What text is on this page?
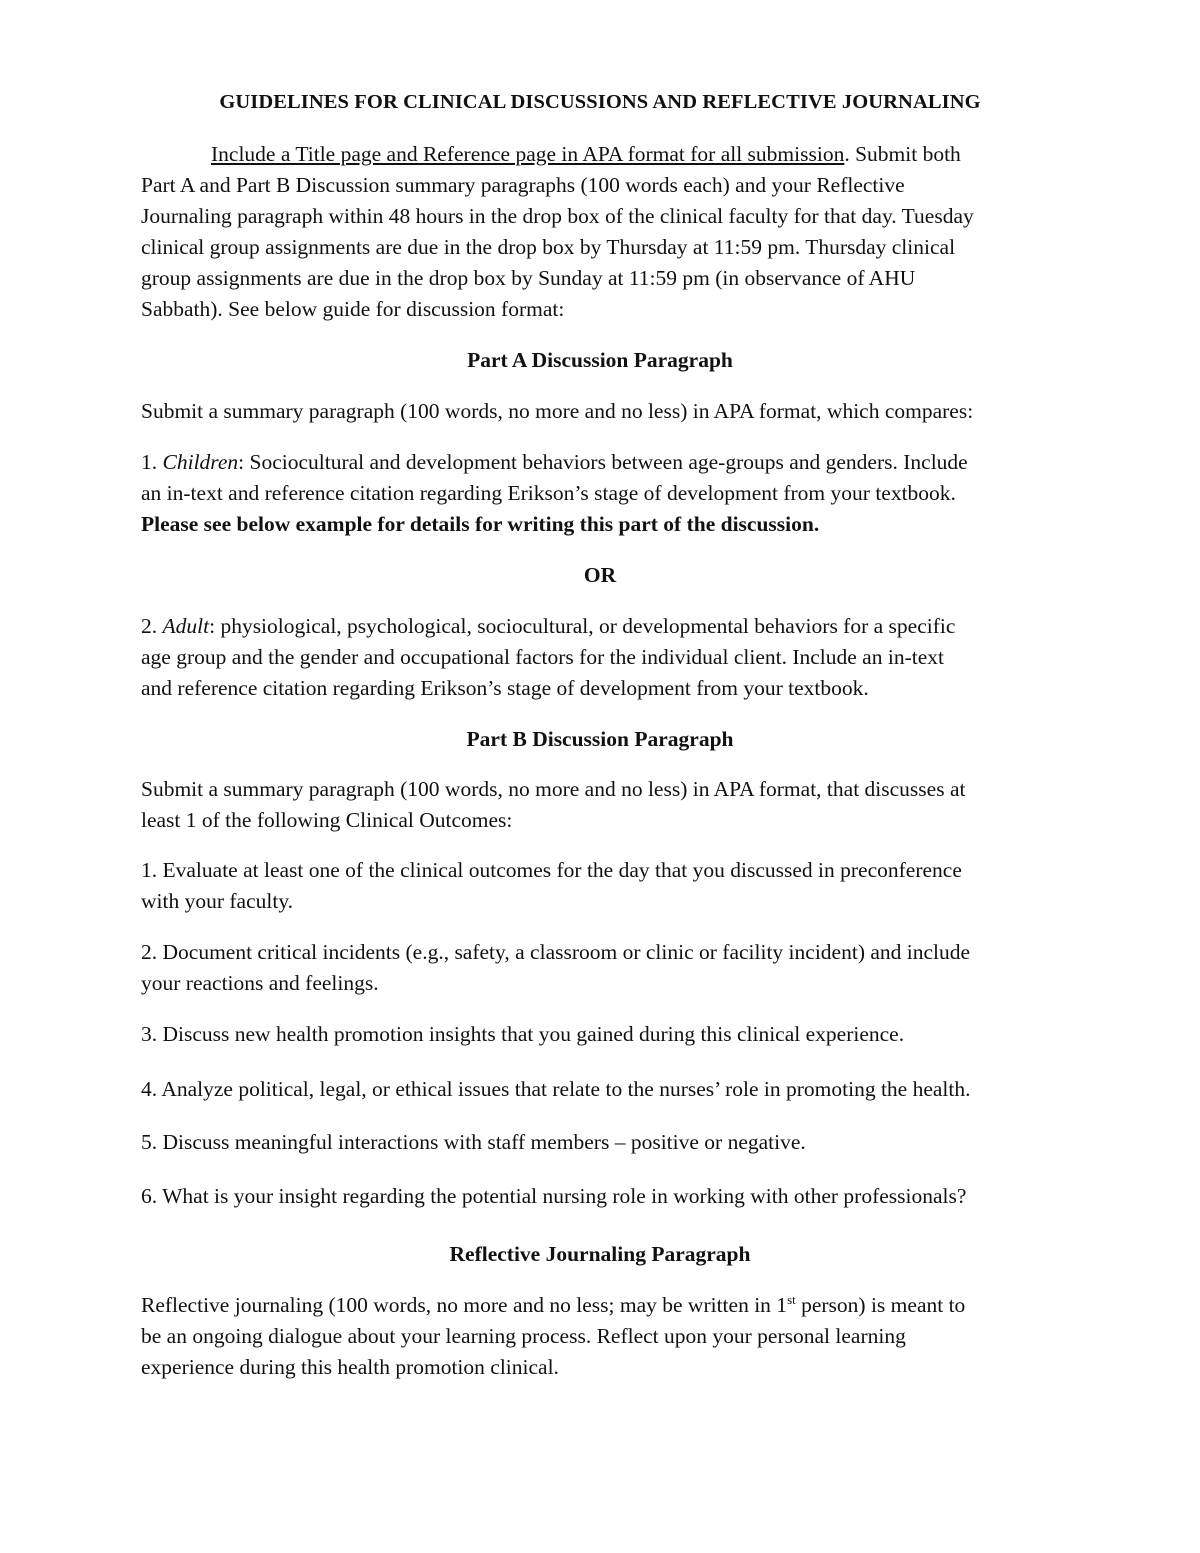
GUIDELINES FOR CLINICAL DISCUSSIONS AND REFLECTIVE JOURNALING
Include a Title page and Reference page in APA format for all submission. Submit both
Part A and Part B Discussion summary paragraphs (100 words each) and your Reflective
Journaling paragraph within 48 hours in the drop box of the clinical faculty for that day. Tuesday
clinical group assignments are due in the drop box by Thursday at 11:59 pm. Thursday clinical
group assignments are due in the drop box by Sunday at 11:59 pm (in observance of AHU
Sabbath). See below guide for discussion format:
Part A Discussion Paragraph
Submit a summary paragraph (100 words, no more and no less) in APA format, which compares:
1. Children: Sociocultural and development behaviors between age-groups and genders. Include
an in-text and reference citation regarding Erikson’s stage of development from your textbook.
Please see below example for details for writing this part of the discussion.
OR
2. Adult: physiological, psychological, sociocultural, or developmental behaviors for a specific
age group and the gender and occupational factors for the individual client. Include an in-text
and reference citation regarding Erikson’s stage of development from your textbook.
Part B Discussion Paragraph
Submit a summary paragraph (100 words, no more and no less) in APA format, that discusses at
least 1 of the following Clinical Outcomes:
1. Evaluate at least one of the clinical outcomes for the day that you discussed in preconference
with your faculty.
2. Document critical incidents (e.g., safety, a classroom or clinic or facility incident) and include
your reactions and feelings.
3. Discuss new health promotion insights that you gained during this clinical experience.
4. Analyze political, legal, or ethical issues that relate to the nurses’ role in promoting the health.
5. Discuss meaningful interactions with staff members – positive or negative.
6. What is your insight regarding the potential nursing role in working with other professionals?
Reflective Journaling Paragraph
Reflective journaling (100 words, no more and no less; may be written in 1st person) is meant to
be an ongoing dialogue about your learning process. Reflect upon your personal learning
experience during this health promotion clinical.
